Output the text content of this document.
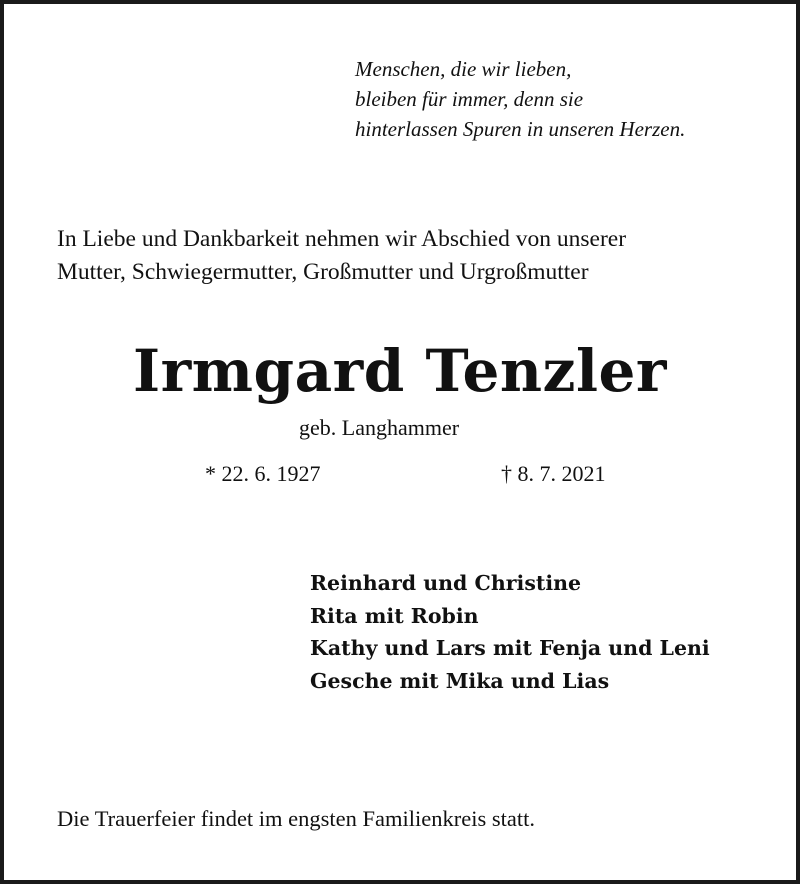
Menschen, die wir lieben,
bleiben für immer, denn sie
hinterlassen Spuren in unseren Herzen.
In Liebe und Dankbarkeit nehmen wir Abschied von unserer
Mutter, Schwiegermutter, Großmutter und Urgroßmutter
Irmgard Tenzler
geb. Langhammer
* 22. 6. 1927	† 8. 7. 2021
Reinhard und Christine
Rita mit Robin
Kathy und Lars mit Fenja und Leni
Gesche mit Mika und Lias
Die Trauerfeier findet im engsten Familienkreis statt.
